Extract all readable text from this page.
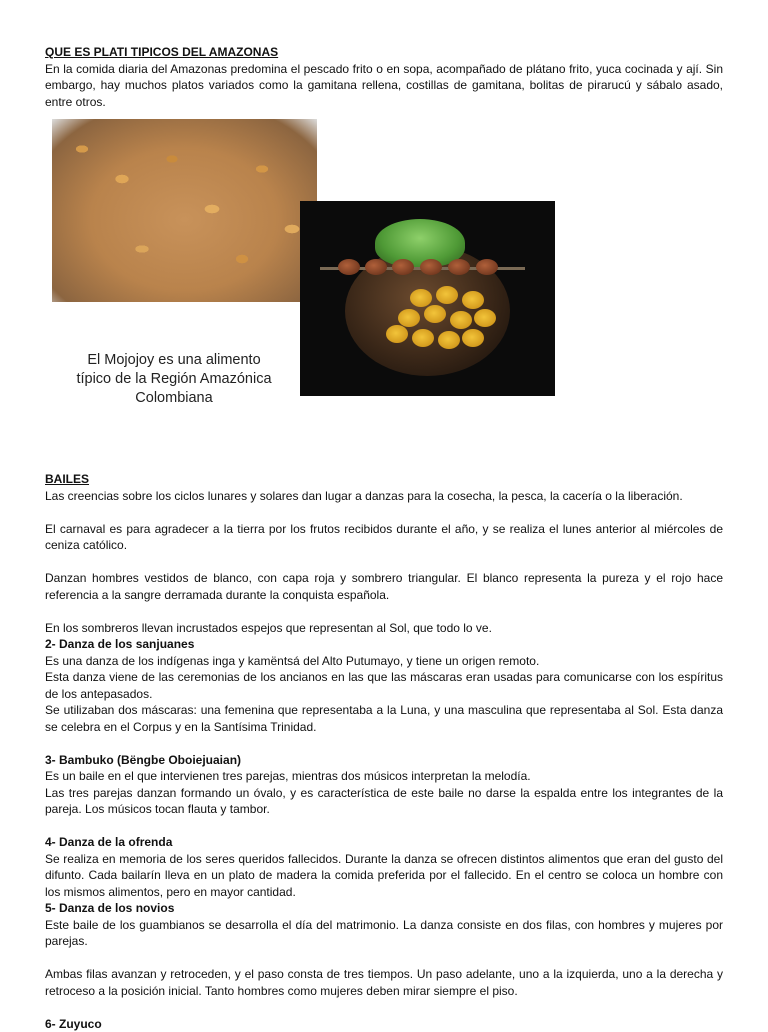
QUE ES PLATI TIPICOS DEL AMAZONAS

En la comida diaria del Amazonas predomina el pescado frito o en sopa, acompañado de plátano frito, yuca cocinada y ají. Sin embargo, hay muchos platos variados como la gamitana rellena, costillas de gamitana, bolitas de pirarucú y sábalo asado, entre otros.

El Mojojoy es una alimento
típico de la Región Amazónica
Colombiana
BAILES

Las creencias sobre los ciclos lunares y solares dan lugar a danzas para la cosecha, la pesca, la cacería o la liberación.

El carnaval es para agradecer a la tierra por los frutos recibidos durante el año, y se realiza el lunes anterior al miércoles de ceniza católico.

Danzan hombres vestidos de blanco, con capa roja y sombrero triangular. El blanco representa la pureza y el rojo hace referencia a la sangre derramada durante la conquista española.

En los sombreros llevan incrustados espejos que representan al Sol, que todo lo ve.

2- Danza de los sanjuanes

Es una danza de los indígenas inga y kamëntsá del Alto Putumayo, y tiene un origen remoto.

Esta danza viene de las ceremonias de los ancianos en las que las máscaras eran usadas para comunicarse con los espíritus de los antepasados.

Se utilizaban dos máscaras: una femenina que representaba a la Luna, y una masculina que representaba al Sol. Esta danza se celebra en el Corpus y en la Santísima Trinidad.

3- Bambuko (Bëngbe Oboiejuaian)

Es un baile en el que intervienen tres parejas, mientras dos músicos interpretan la melodía.

Las tres parejas danzan formando un óvalo, y es característica de este baile no darse la espalda entre los integrantes de la pareja. Los músicos tocan flauta y tambor.

4- Danza de la ofrenda

Se realiza en memoria de los seres queridos fallecidos. Durante la danza se ofrecen distintos alimentos que eran del gusto del difunto. Cada bailarín lleva en un plato de madera la comida preferida por el fallecido. En el centro se coloca un hombre con los mismos alimentos, pero en mayor cantidad.

5- Danza de los novios

Este baile de los guambianos se desarrolla el día del matrimonio. La danza consiste en dos filas, con hombres y mujeres por parejas.

Ambas filas avanzan y retroceden, y el paso consta de tres tiempos. Un paso adelante, uno a la izquierda, uno a la derecha y retroceso a la posición inicial. Tanto hombres como mujeres deben mirar siempre el piso.

6- Zuyuco
